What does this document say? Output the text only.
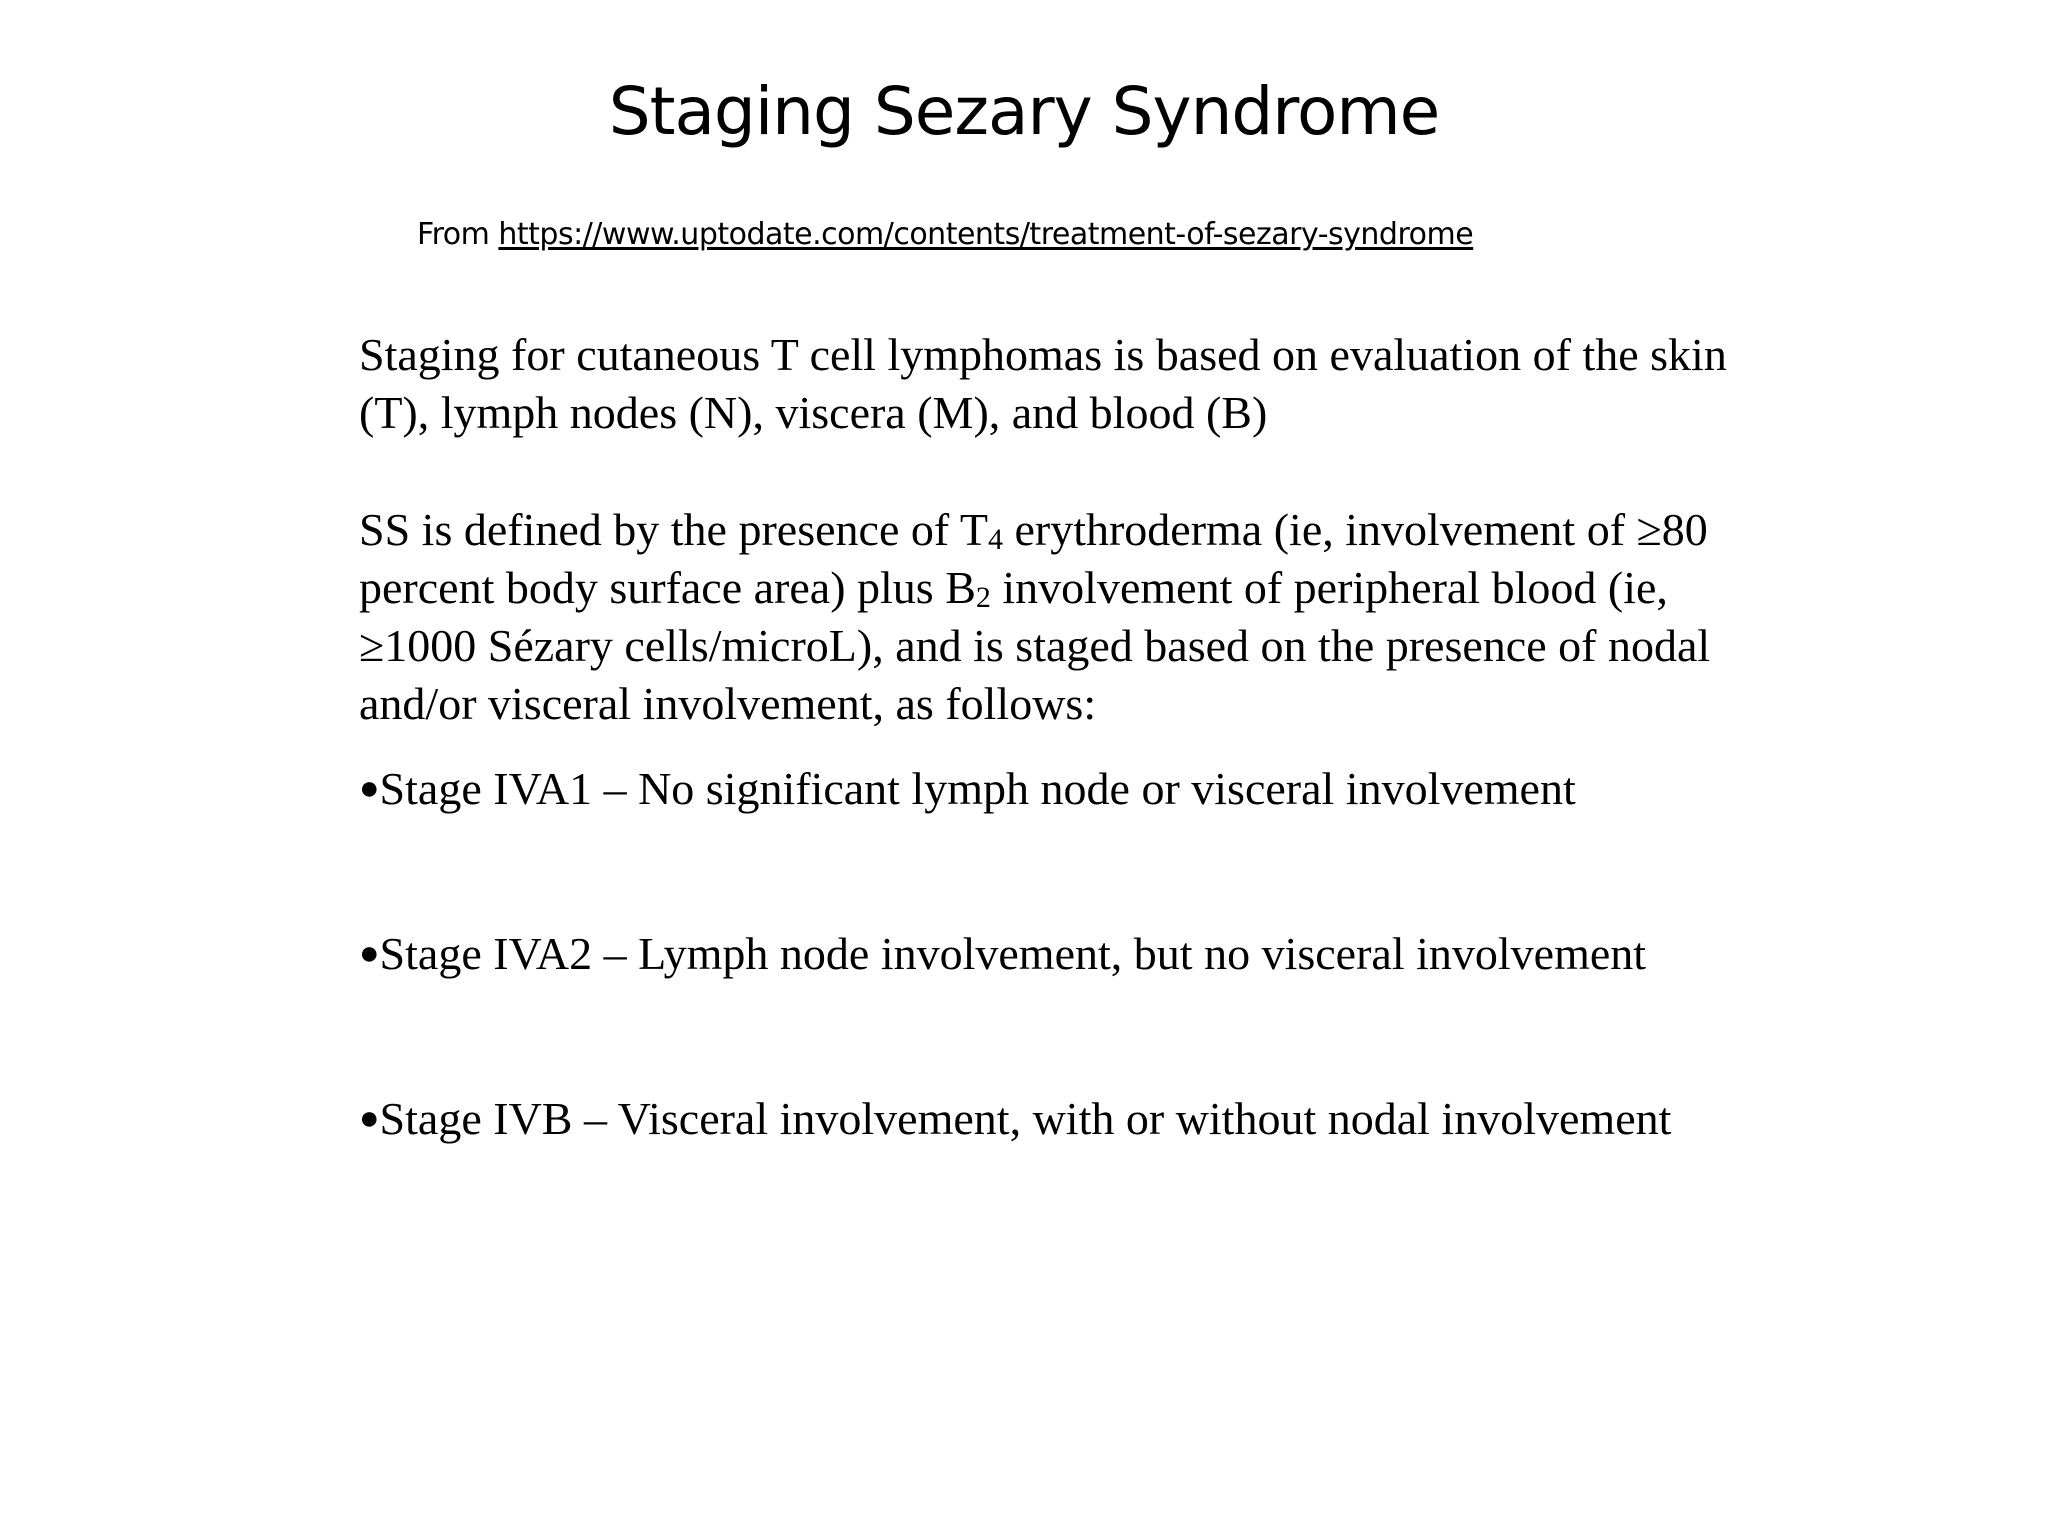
Staging Sezary Syndrome
From https://www.uptodate.com/contents/treatment-of-sezary-syndrome
Staging for cutaneous T cell lymphomas is based on evaluation of the skin (T), lymph nodes (N), viscera (M), and blood (B)
SS is defined by the presence of $T_4$ erythroderma (ie, involvement of ≥80 percent body surface area) plus $B_2$ involvement of peripheral blood (ie, ≥1000 Sézary cells/microL), and is staged based on the presence of nodal and/or visceral involvement, as follows:
●Stage IVA1 – No significant lymph node or visceral involvement
●Stage IVA2 – Lymph node involvement, but no visceral involvement
●Stage IVB – Visceral involvement, with or without nodal involvement
